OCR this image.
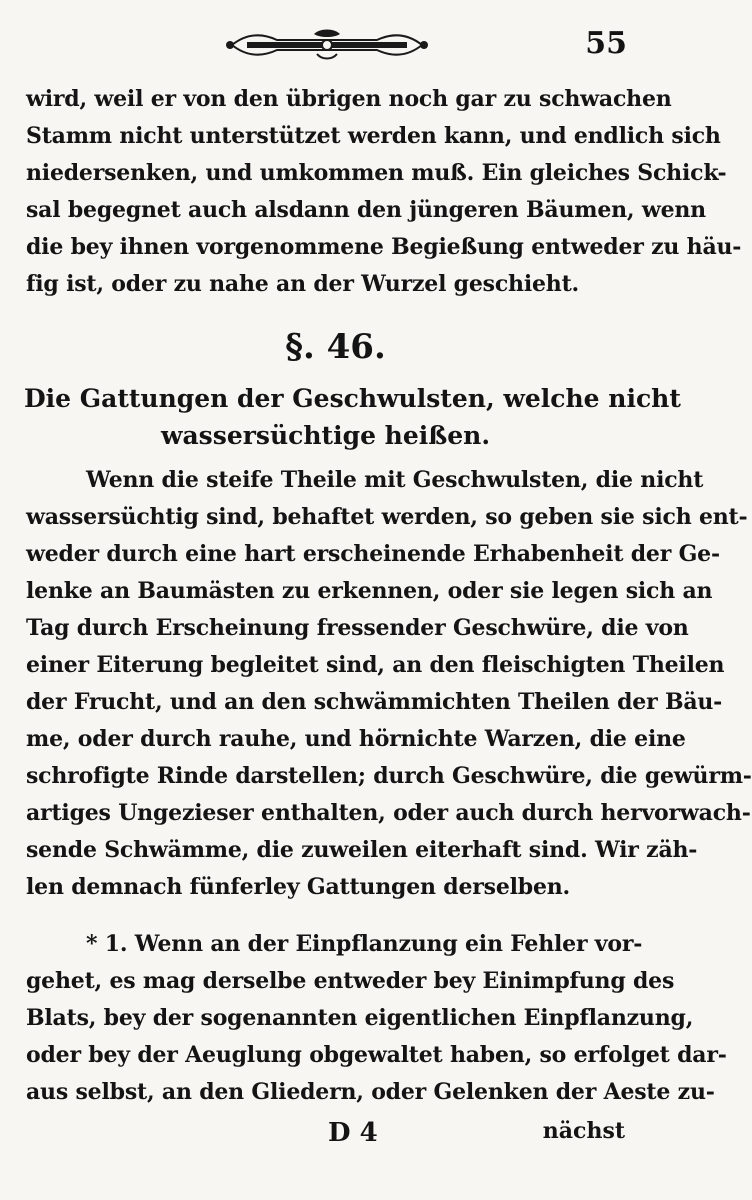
55
wird, weil er von den übrigen noch gar zu schwachen
Stamm nicht unterstützet werden kann, und endlich sich
niedersenken, und umkommen muß. Ein gleiches Schick-
sal begegnet auch alsdann den jüngeren Bäumen, wenn
die bey ihnen vorgenommene Begießung entweder zu häu-
fig ist, oder zu nahe an der Wurzel geschieht.
§. 46.
Die Gattungen der Geschwulsten, welche nicht
wassersüchtige heißen.
Wenn die steife Theile mit Geschwulsten, die nicht
wassersüchtig sind, behaftet werden, so geben sie sich ent-
weder durch eine hart erscheinende Erhabenheit der Ge-
lenke an Baumästen zu erkennen, oder sie legen sich an
Tag durch Erscheinung fressender Geschwüre, die von
einer Eiterung begleitet sind, an den fleischigten Theilen
der Frucht, und an den schwämmichten Theilen der Bäu-
me, oder durch rauhe, und hörnichte Warzen, die eine
schrofigte Rinde darstellen; durch Geschwüre, die gewürm-
artiges Ungezieser enthalten, oder auch durch hervorwach-
sende Schwämme, die zuweilen eiterhaft sind. Wir zäh-
len demnach fünferley Gattungen derselben.
* 1. Wenn an der Einpflanzung ein Fehler vor-
gehet, es mag derselbe entweder bey Einimpfung des
Blats, bey der sogenannten eigentlichen Einpflanzung,
oder bey der Aeuglung obgewaltet haben, so erfolget dar-
aus selbst, an den Gliedern, oder Gelenken der Aeste zu-
D 4	nächst
